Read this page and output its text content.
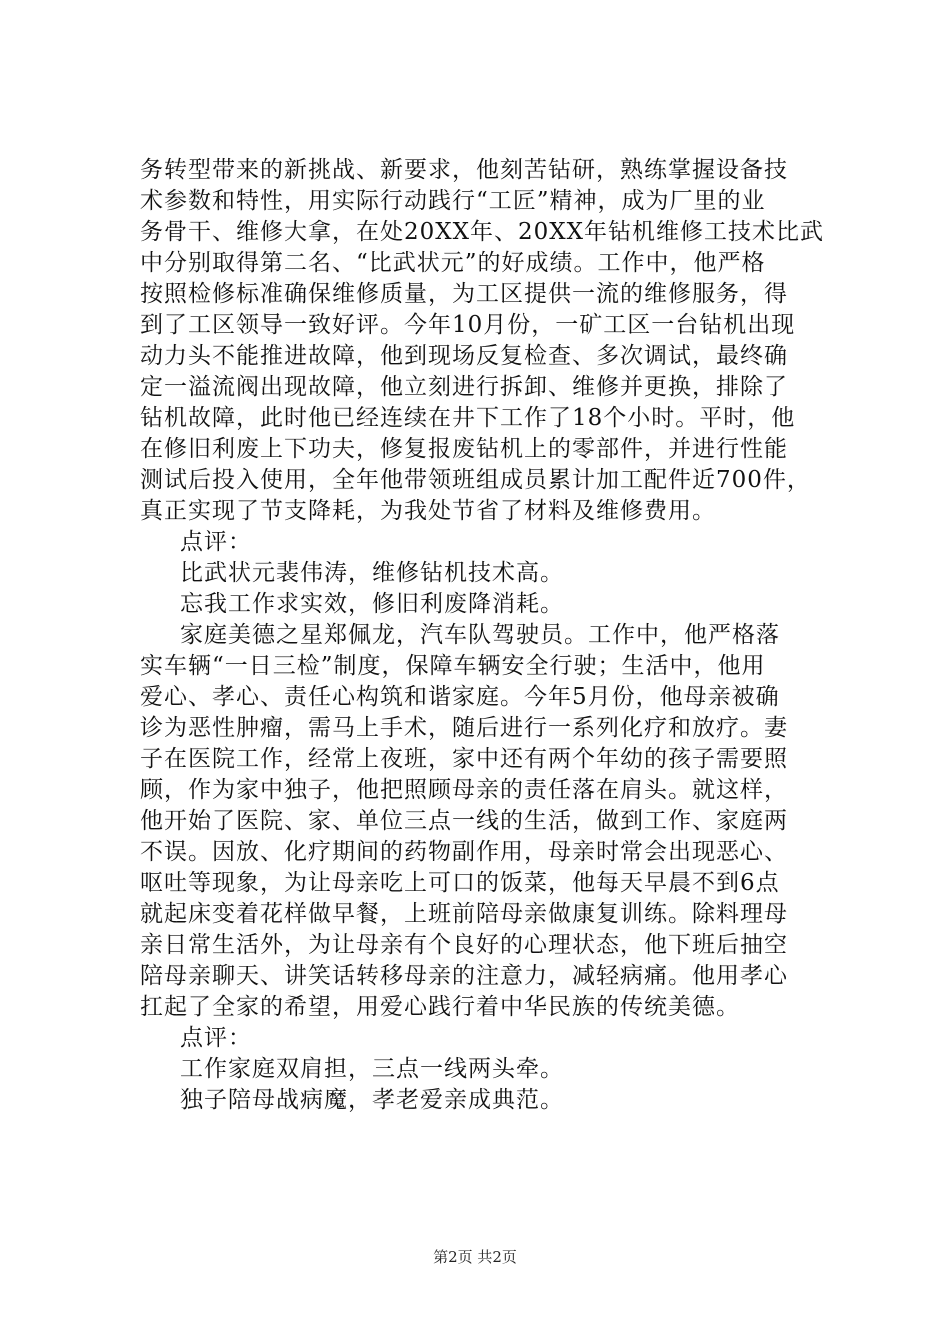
务转型带来的新挑战、新要求，他刻苦钻研，熟练掌握设备技
术参数和特性，用实际行动践行“工匠”精神，成为厂里的业
务骨干、维修大拿，在处20XX年、20XX年钻机维修工技术比武
中分别取得第二名、“比武状元”的好成绩。工作中，他严格
按照检修标准确保维修质量，为工区提供一流的维修服务，得
到了工区领导一致好评。今年10月份，一矿工区一台钻机出现
动力头不能推进故障，他到现场反复检查、多次调试，最终确
定一溢流阀出现故障，他立刻进行拆卸、维修并更换，排除了
钻机故障，此时他已经连续在井下工作了18个小时。平时，他
在修旧利废上下功夫，修复报废钻机上的零部件，并进行性能
测试后投入使用，全年他带领班组成员累计加工配件近700件，
真正实现了节支降耗，为我处节省了材料及维修费用。
点评：
比武状元裴伟涛，维修钻机技术高。
忘我工作求实效，修旧利废降消耗。
家庭美德之星郑佩龙，汽车队驾驶员。工作中，他严格落
实车辆“一日三检”制度，保障车辆安全行驶；生活中，他用
爱心、孝心、责任心构筑和谐家庭。今年5月份，他母亲被确
诊为恶性肿瘤，需马上手术，随后进行一系列化疗和放疗。妻
子在医院工作，经常上夜班，家中还有两个年幼的孩子需要照
顾，作为家中独子，他把照顾母亲的责任落在肩头。就这样，
他开始了医院、家、单位三点一线的生活，做到工作、家庭两
不误。因放、化疗期间的药物副作用，母亲时常会出现恶心、
呕吐等现象，为让母亲吃上可口的饭菜，他每天早晨不到6点
就起床变着花样做早餐，上班前陪母亲做康复训练。除料理母
亲日常生活外，为让母亲有个良好的心理状态，他下班后抽空
陪母亲聊天、讲笑话转移母亲的注意力，减轻病痛。他用孝心
扛起了全家的希望，用爱心践行着中华民族的传统美德。
点评：
工作家庭双肩担，三点一线两头牵。
独子陪母战病魔，孝老爱亲成典范。
第2页 共2页
